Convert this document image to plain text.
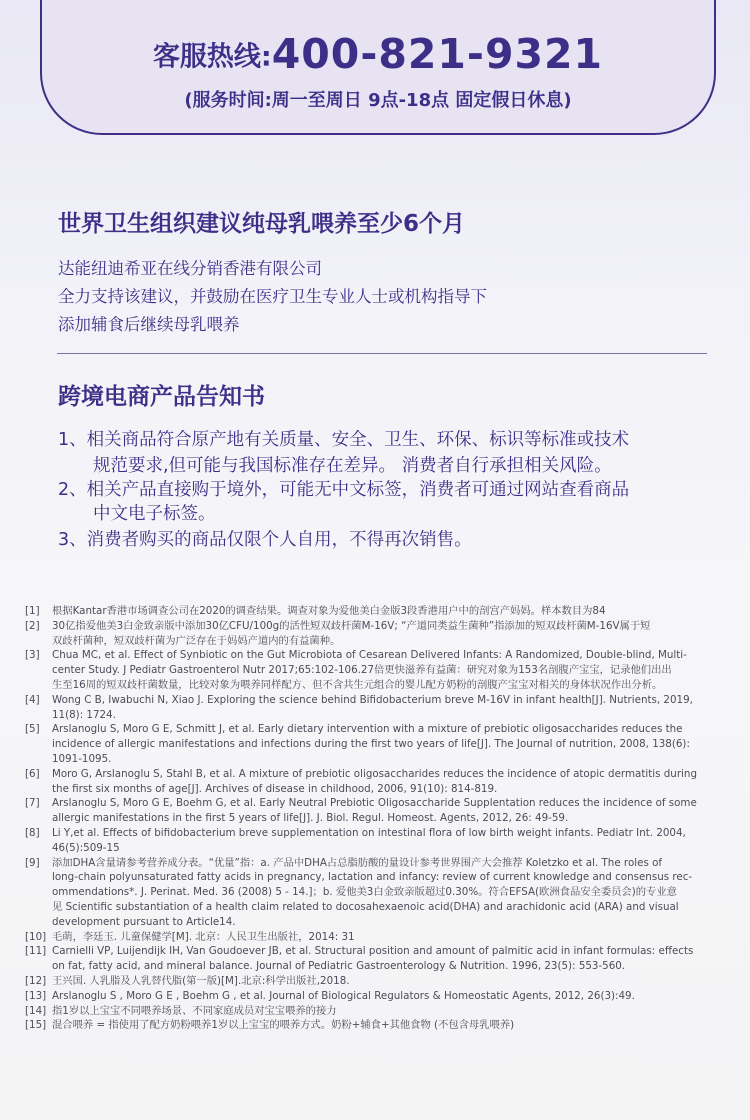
客服热线:400-821-9321
(服务时间:周一至周日 9点-18点 固定假日休息)
世界卫生组织建议纯母乳喂养至少6个月
达能纽迪希亚在线分销香港有限公司
全力支持该建议，并鼓励在医疗卫生专业人士或机构指导下
添加辅食后继续母乳喂养
跨境电商产品告知书
1、相关商品符合原产地有关质量、安全、卫生、环保、标识等标准或技术
规范要求,但可能与我国标准存在差异。 消费者自行承担相关风险。
2、相关产品直接购于境外，可能无中文标签，消费者可通过网站查看商品
中文电子标签。
3、消费者购买的商品仅限个人自用，不得再次销售。
[1]	根据Kantar香港市场调查公司在2020的调查结果。调查对象为爱他美白金版3段香港用户中的剖宫产妈妈。样本数目为84
[2]	30亿指爱他美3白金致亲版中添加30亿CFU/100g的活性短双歧杆菌M-16V; “产道同类益生菌种”指添加的短双歧杆菌M-16V属于短
双歧杆菌种，短双歧杆菌为广泛存在于妈妈产道内的有益菌种。
[3]	Chua MC, et al. Effect of Synbiotic on the Gut Microbiota of Cesarean Delivered Infants: A Randomized, Double-blind, Multi-
center Study. J Pediatr Gastroenterol Nutr 2017;65:102-106.27倍更快滋养有益菌：研究对象为153名剖腹产宝宝，记录他们出出
生至16周的短双歧杆菌数量，比较对象为喂养同样配方、但不含共生元组合的婴儿配方奶粉的剖腹产宝宝对相关的身体状况作出分析。
[4]	Wong C B, Iwabuchi N, Xiao J. Exploring the science behind Bifidobacterium breve M-16V in infant health[J]. Nutrients, 2019,
11(8): 1724.
[5]	Arslanoglu S, Moro G E, Schmitt J, et al. Early dietary intervention with a mixture of prebiotic oligosaccharides reduces the
incidence of allergic manifestations and infections during the first two years of life[J]. The Journal of nutrition, 2008, 138(6):
1091-1095.
[6]	Moro G, Arslanoglu S, Stahl B, et al. A mixture of prebiotic oligosaccharides reduces the incidence of atopic dermatitis during
the first six months of age[J]. Archives of disease in childhood, 2006, 91(10): 814-819.
[7]	Arslanoglu S, Moro G E, Boehm G, et al. Early Neutral Prebiotic Oligosaccharide Supplentation reduces the incidence of some
allergic manifestations in the first 5 years of life[J]. J. Biol. Regul. Homeost. Agents, 2012, 26: 49-59.
[8]	Li Y,et al. Effects of bifidobacterium breve supplementation on intestinal flora of low birth weight infants. Pediatr Int. 2004,
46(5):509-15
[9]	添加DHA含量请参考营养成分表。“优量”指：a. 产品中DHA占总脂肪酸的量设计参考世界围产大会推荐 Koletzko et al. The roles of
long-chain polyunsaturated fatty acids in pregnancy, lactation and infancy: review of current knowledge and consensus rec-
ommendations*. J. Perinat. Med. 36 (2008) 5 - 14.]；b. 爱他美3白金致亲版超过0.30%。符合EFSA(欧洲食品安全委员会)的专业意
见 Scientific substantiation of a health claim related to docosahexaenoic acid(DHA) and arachidonic acid (ARA) and visual
development pursuant to Article14.
[10] 毛萌，李廷玉. 儿童保健学[M]. 北京：人民卫生出版社，2014: 31
[11] Carnielli VP, Luijendijk IH, Van Goudoever JB, et al. Structural position and amount of palmitic acid in infant formulas: effects
on fat, fatty acid, and mineral balance. Journal of Pediatric Gastroenterology & Nutrition. 1996, 23(5): 553-560.
[12] 王兴国. 人乳脂及人乳替代脂(第一版)[M].北京:科学出版社,2018.
[13] Arslanoglu S , Moro G E , Boehm G , et al. Journal of Biological Regulators & Homeostatic Agents, 2012, 26(3):49.
[14] 指1岁以上宝宝不同喂养场景、不同家庭成员对宝宝喂养的接力
[15] 混合喂养 = 指使用了配方奶粉喂养1岁以上宝宝的喂养方式。奶粉+辅食+其他食物 (不包含母乳喂养)
